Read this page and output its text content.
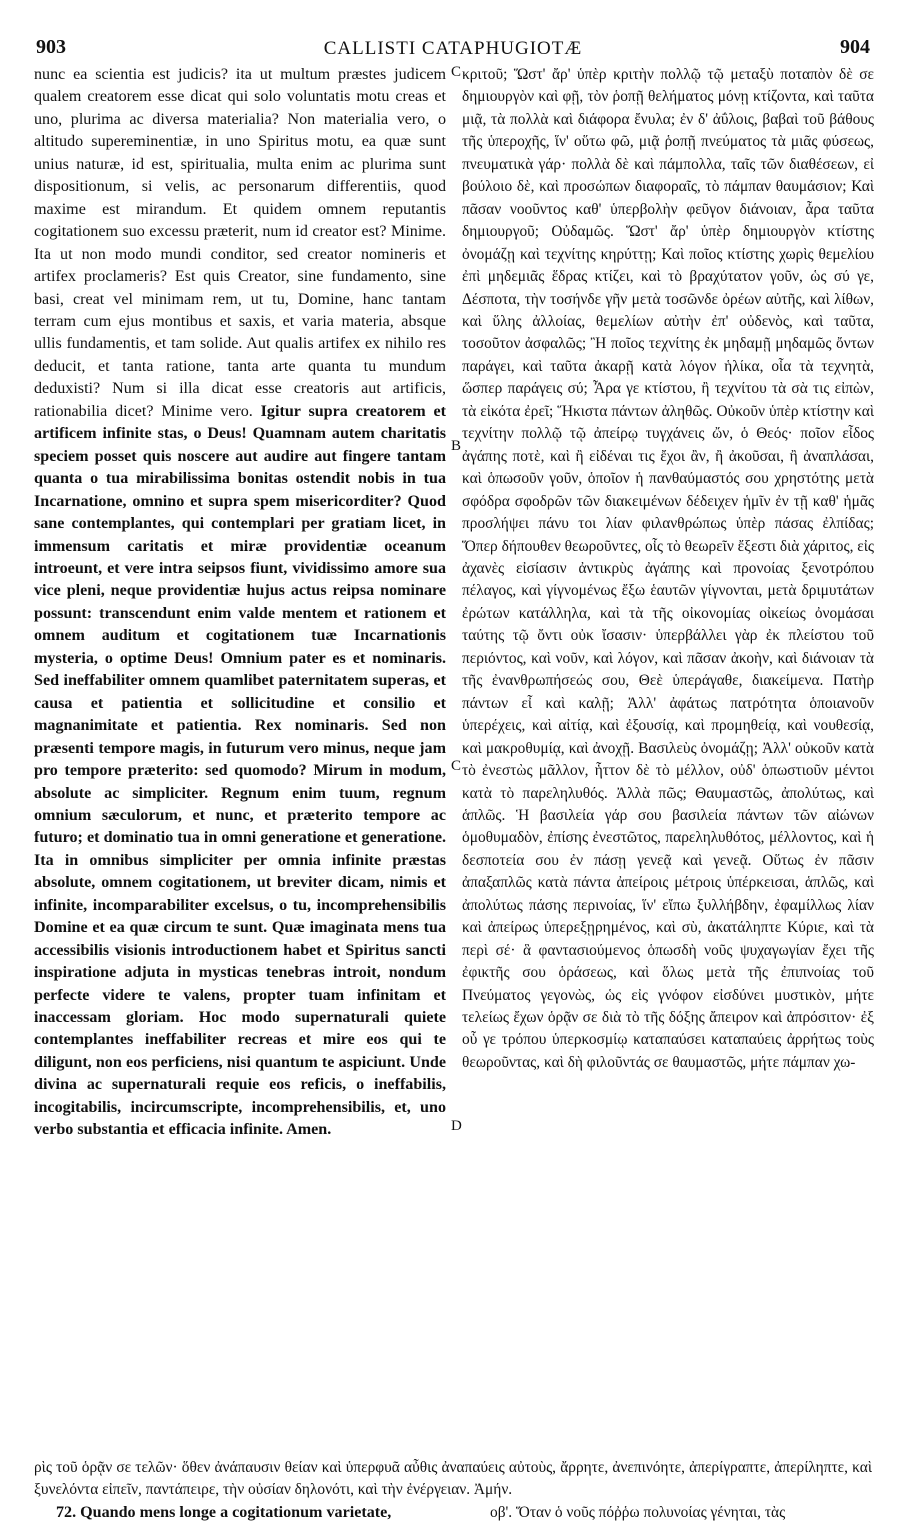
903	CALLISTI CATAPHUGIOTÆ	904
nunc ea scientia est judicis? ita ut multum præstes judicem qualem creatorem esse dicat qui solo voluntatis motu creas et uno, plurima ac diversa materialia? Non materialia vero, o altitudo supereminentiæ, in uno Spiritus motu, ea quæ sunt unius naturæ, id est, spiritualia, multa enim ac plurima sunt dispositionum, si velis, ac personarum differentiis, quod maxime est mirandum. Et quidem omnem reputantis cogitationem suo excessu præterit, num id creator est? Minime. Ita ut non modo mundi conditor, sed creator nomineris et artifex proclameris? Est quis Creator, sine fundamento, sine basi, creat vel minimam rem, ut tu, Domine, hanc tantam terram cum ejus montibus et saxis, et varia materia, absque ullis fundamentis, et tam solide. Aut qualis artifex ex nihilo res deducit, et tanta ratione, tanta arte quanta tu mundum deduxisti? Num si illa dicat esse creatoris aut artificis, rationabilia dicet? Minime vero. Igitur supra creatorem et artificem infinite stas, o Deus! Quamnam autem charitatis speciem posset quis noscere aut audire aut fingere tantam quanta o tua mirabilissima bonitas ostendit nobis in tua Incarnatione, omnino et supra spem misericorditer? Quod sane contemplantes, qui contemplari per gratiam licet, in immensum caritatis et miræ providentiæ oceanum introeunt, et vere intra seipsos fiunt, vividissimo amore sua vice pleni, neque providentiæ hujus actus reipsa nominare possunt: transcendunt enim valde mentem et rationem et omnem auditum et cogitationem tuæ Incarnationis mysteria, o optime Deus! Omnium pater es et nominaris. Sed ineffabiliter omnem quamlibet paternitatem superas, et causa et patientia et sollicitudine et consilio et magnanimitate et patientia. Rex nominaris. Sed non præsenti tempore magis, in futurum vero minus, neque jam pro tempore præterito: sed quomodo? Mirum in modum, absolute ac simpliciter. Regnum enim tuum, regnum omnium sæculorum, et nunc, et præterito tempore ac futuro; et dominatio tua in omni generatione et generatione. Ita in omnibus simpliciter per omnia infinite præstas absolute, omnem cogitationem, ut breviter dicam, nimis et infinite, incomparabiliter excelsus, o tu, incomprehensibilis Domine et ea quæ circum te sunt. Quæ imaginata mens tua accessibilis visionis introductionem habet et Spiritus sancti inspiratione adjuta in mysticas tenebras introit, nondum perfecte videre te valens, propter tuam infinitam et inaccessam gloriam. Hoc modo supernaturali quiete contemplantes ineffabiliter recreas et mire eos qui te diligunt, non eos perficiens, nisi quantum te aspiciunt. Unde divina ac supernaturali requie eos reficis, o ineffabilis, incogitabilis, incircumscripte, incomprehensibilis, et, uno verbo substantia et efficacia infinite. Amen.
κριτοῦ; Ὥστ' ἄρ' ὑπὲρ κριτὴν πολλῷ τῷ μεταξὺ ποταπὸν δὲ σε δημιουργὸν καὶ φῇ, τὸν ῥοπῇ θελήματος μόνῃ κτίζοντα, καὶ ταῦτα μιᾷ, τὰ πολλὰ καὶ διάφορα ἔνυλα; ἐν δ' ἀΰλοις, βαβαὶ τοῦ βάθους τῆς ὑπεροχῆς, ἵν' οὕτω φῶ, μιᾷ ῥοπῇ πνεύματος τὰ μιᾶς φύσεως, πνευματικὰ γάρ· πολλὰ δὲ καὶ πάμπολλα, ταῖς τῶν διαθέσεων, εἰ βούλοιο δὲ, καὶ προσώπων διαφοραῖς, τὸ πάμπαν θαυμάσιον; Καὶ πᾶσαν νοοῦντος καθ' ὑπερβολὴν φεῦγον διάνοιαν, ἆρα ταῦτα δημιουργοῦ; Οὐδαμῶς. Ὥστ' ἄρ' ὑπὲρ δημιουργὸν κτίστης ὀνομάζῃ καὶ τεχνίτης κηρύττῃ; Καὶ ποῖος κτίστης χωρὶς θεμελίου ἐπὶ μηδεμιᾶς ἕδρας κτίζει, καὶ τὸ βραχύτατον γοῦν, ὡς σύ γε, Δέσποτα, τὴν τοσήνδε γῆν μετὰ τοσῶνδε ὀρέων αὐτῆς, καὶ λίθων, καὶ ὕλης ἀλλοίας, θεμελίων αὐτὴν ἐπ' οὐδενὸς, καὶ ταῦτα, τοσοῦτον ἀσφαλῶς; Ἢ ποῖος τεχνίτης ἐκ μηδαμῇ μηδαμῶς ὄντων παράγει, καὶ ταῦτα ἀκαρῇ κατὰ λόγον ἡλίκα, οἷα τὰ τεχνητὰ, ὥσπερ παράγεις σύ; Ἆρα γε κτίστου, ἢ τεχνίτου τὰ σὰ τις εἰπὼν, τὰ εἰκότα ἐρεῖ; Ἥκιστα πάντων ἀληθῶς. Οὐκοῦν ὑπὲρ κτίστην καὶ τεχνίτην πολλῷ τῷ ἀπείρῳ τυγχάνεις ὤν, ὁ Θεός· ποῖον εἶδος ἀγάπης ποτὲ, καὶ ἢ εἰδέναι τις ἔχοι ἂν, ἢ ἀκοῦσαι, ἢ ἀναπλάσαι, καὶ ὁπωσοῦν γοῦν, ὁποῖον ἡ πανθαύμαστός σου χρηστότης μετὰ σφόδρα σφοδρῶν τῶν διακειμένων δέδειχεν ἡμῖν ἐν τῇ καθ' ἡμᾶς προσλήψει πάνυ τοι λίαν φιλανθρώπως ὑπὲρ πάσας ἐλπίδας; Ὅπερ δήπουθεν θεωροῦντες, οἷς τὸ θεωρεῖν ἔξεστι διὰ χάριτος, εἰς ἀχανὲς εἰσίασιν ἀντικρὺς ἀγάπης καὶ προνοίας ξενοτρόπου πέλαγος, καὶ γίγνομένως ἔξω ἑαυτῶν γίγνονται, μετὰ δριμυτάτων ἐρώτων κατάλληλα, καὶ τὰ τῆς οἰκονομίας οἰκείως ὀνομάσαι ταύτης τῷ ὄντι οὐκ ἴσασιν· ὑπερβάλλει γὰρ ἐκ πλείστου τοῦ περιόντος, καὶ νοῦν, καὶ λόγον, καὶ πᾶσαν ἀκοὴν, καὶ διάνοιαν τὰ τῆς ἐνανθρωπήσεώς σου, Θεὲ ὑπεράγαθε, διακείμενα. Πατὴρ πάντων εἶ καὶ καλῇ; Ἀλλ' ἀφάτως πατρότητα ὁποιανοῦν ὑπερέχεις, καὶ αἰτίᾳ, καὶ ἐξουσίᾳ, καὶ προμηθείᾳ, καὶ νουθεσίᾳ, καὶ μακροθυμίᾳ, καὶ ἀνοχῇ. Βασιλεὺς ὀνομάζῃ; Ἀλλ' οὐκοῦν κατὰ τὸ ἐνεστὼς μᾶλλον, ἧττον δὲ τὸ μέλλον, οὐδ' ὁπωστιοῦν μέντοι κατὰ τὸ παρεληλυθός. Ἀλλὰ πῶς; Θαυμαστῶς, ἀπολύτως, καὶ ἁπλῶς. Ἡ βασιλεία γάρ σου βασιλεία πάντων τῶν αἰώνων ὁμοθυμαδὸν, ἐπίσης ἐνεστῶτος, παρεληλυθότος, μέλλοντος, καὶ ἡ δεσποτεία σου ἐν πάσῃ γενεᾷ καὶ γενεᾷ. Οὕτως ἐν πᾶσιν ἀπαξαπλῶς κατὰ πάντα ἀπείροις μέτροις ὑπέρκεισαι, ἁπλῶς, καὶ ἀπολύτως πάσης περινοίας, ἵν' εἴπω ξυλλήβδην, ἐφαμίλλως λίαν καὶ ἀπείρως ὑπερεξῃρημένος, καὶ σὺ, ἀκατάληπτε Κύριε, καὶ τὰ περὶ σέ· ἃ φαντασιούμενος ὁπωσδὴ νοῦς ψυχαγωγίαν ἔχει τῆς ἐφικτῆς σου ὁράσεως, καὶ ὅλως μετὰ τῆς ἐπιπνοίας τοῦ Πνεύματος γεγονὼς, ὡς εἰς γνόφον εἰσδύνει μυστικὸν, μήτε τελείως ἔχων ὁρᾷν σε διὰ τὸ τῆς δόξης ἄπειρον καὶ ἀπρόσιτον· ἐξ οὗ γε τρόπου ὑπερκοσμίῳ καταπαύσει καταπαύεις ἀρρήτως τοὺς θεωροῦντας, καὶ δὴ φιλοῦντάς σε θαυμαστῶς, μήτε πάμπαν χω-
C
B
C
D
ρὶς τοῦ ὁρᾷν σε τελῶν· ὅθεν ἀνάπαυσιν θείαν καὶ ὑπερφυᾶ αὖθις ἀναπαύεις αὐτοὺς, ἄρρητε, ἀνεπινόητε, ἀπερίγραπτε, ἀπερίληπτε, καὶ ξυνελόντα εἰπεῖν, παντάπειρε, τὴν οὐσίαν δηλονότι, καὶ τὴν ἐνέργειαν. Ἀμήν.
72. Quando mens longe a cogitationum varietate,	οβ'. Ὅταν ὁ νοῦς πόῤῥω πολυνοίας γένηται, τὰς
